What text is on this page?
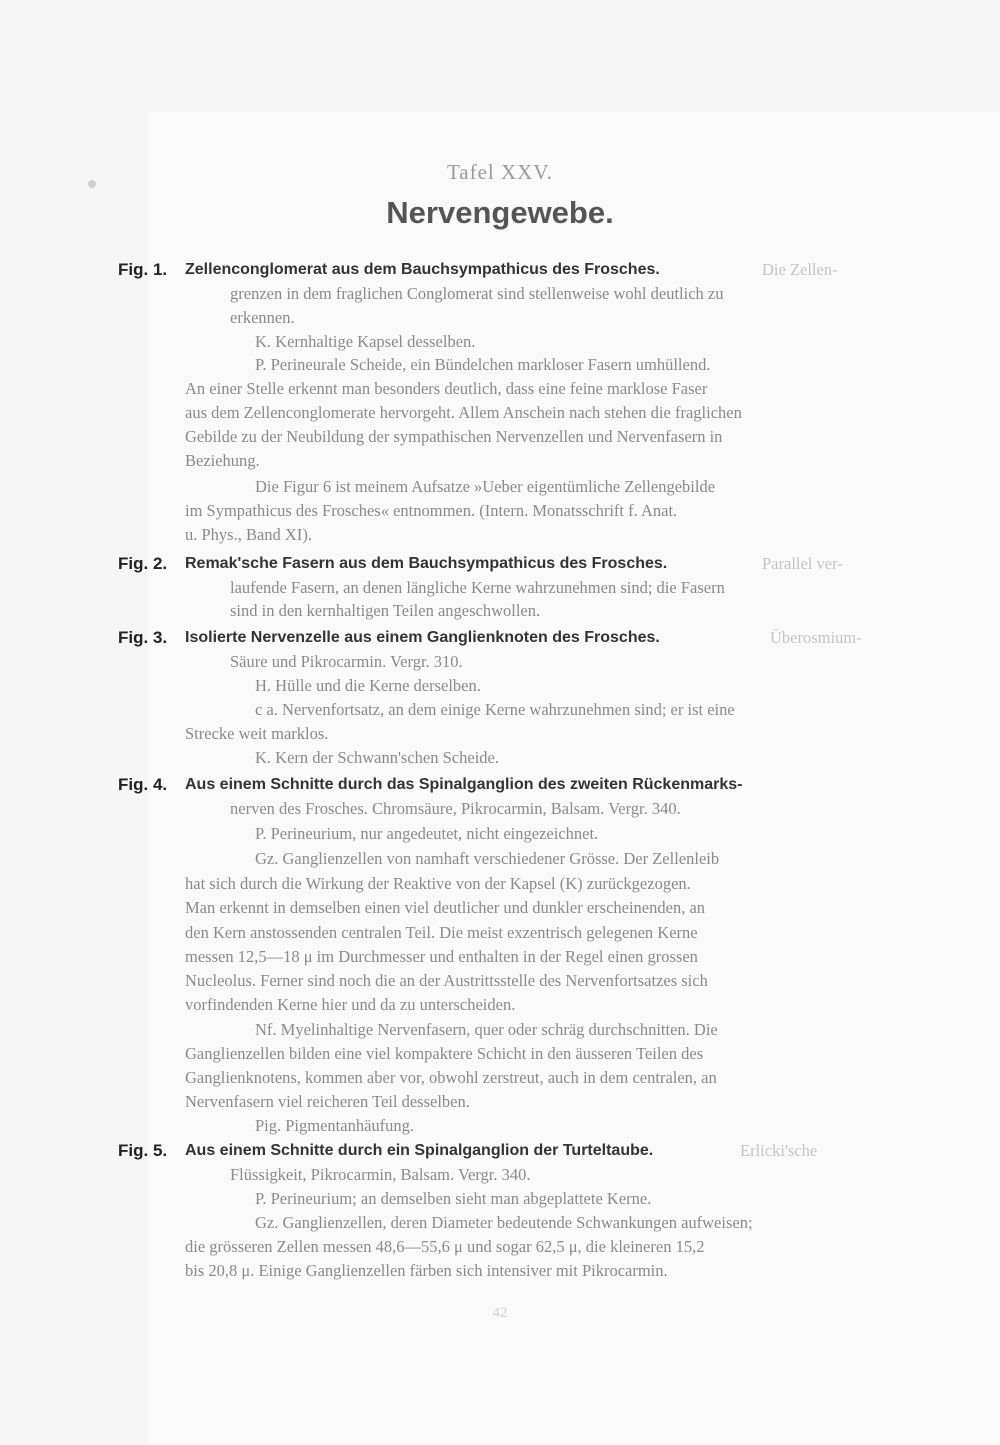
Tafel XXV.
Nervengewebe.
Fig. 1. Zellenconglomerat aus dem Bauchsympathicus des Frosches.	Die Zellen-
grenzen in dem fraglichen Conglomerat sind stellenweise wohl deutlich zu
erkennen.
K. Kernhaltige Kapsel desselben.
P. Perineurale Scheide, ein Bündelchen markloser Fasern umhüllend.
An einer Stelle erkennt man besonders deutlich, dass eine feine marklose Faser
aus dem Zellenconglomerate hervorgeht. Allem Anschein nach stehen die fraglichen
Gebilde zu der Neubildung der sympathischen Nervenzellen und Nervenfasern in
Beziehung.
Die Figur 6 ist meinem Aufsatze »Ueber eigentümliche Zellengebilde
im Sympathicus des Frosches« entnommen. (Intern. Monatsschrift f. Anat.
u. Phys., Band XI).
Fig. 2. Remak'sche Fasern aus dem Bauchsympathicus des Frosches.	Parallel ver-
laufende Fasern, an denen längliche Kerne wahrzunehmen sind; die Fasern
sind in den kernhaltigen Teilen angeschwollen.
Fig. 3. Isolierte Nervenzelle aus einem Ganglienknoten des Frosches.	Überosmium-
Säure und Pikrocarmin. Vergr. 310.
H. Hülle und die Kerne derselben.
c a. Nervenfortsatz, an dem einige Kerne wahrzunehmen sind; er ist eine
Strecke weit marklos.
K. Kern der Schwann'schen Scheide.
Fig. 4. Aus einem Schnitte durch das Spinalganglion des zweiten Rückenmarks-
nerven des Frosches. Chromsäure, Pikrocarmin, Balsam. Vergr. 340.
P. Perineurium, nur angedeutet, nicht eingezeichnet.
Gz. Ganglienzellen von namhaft verschiedener Grösse. Der Zellenleib
hat sich durch die Wirkung der Reaktive von der Kapsel (K) zurückgezogen.
Man erkennt in demselben einen viel deutlicher und dunkler erscheinenden, an
den Kern anstossenden centralen Teil. Die meist exzentrisch gelegenen Kerne
messen 12,5—18 μ im Durchmesser und enthalten in der Regel einen grossen
Nucleolus. Ferner sind noch die an der Austrittsstelle des Nervenfortsatzes sich
vorfindenden Kerne hier und da zu unterscheiden.
Nf. Myelinhaltige Nervenfasern, quer oder schräg durchschnitten. Die
Ganglienzellen bilden eine viel kompaktere Schicht in den äusseren Teilen des
Ganglienknotens, kommen aber vor, obwohl zerstreut, auch in dem centralen, an
Nervenfasern viel reicheren Teil desselben.
Pig. Pigmentanhäufung.
Fig. 5. Aus einem Schnitte durch ein Spinalganglion der Turteltaube.	Erlicki'sche
Flüssigkeit, Pikrocarmin, Balsam. Vergr. 340.
P. Perineurium; an demselben sieht man abgeplattete Kerne.
Gz. Ganglienzellen, deren Diameter bedeutende Schwankungen aufweisen;
die grösseren Zellen messen 48,6—55,6 μ und sogar 62,5 μ, die kleineren 15,2
bis 20,8 μ. Einige Ganglienzellen färben sich intensiver mit Pikrocarmin.
42
